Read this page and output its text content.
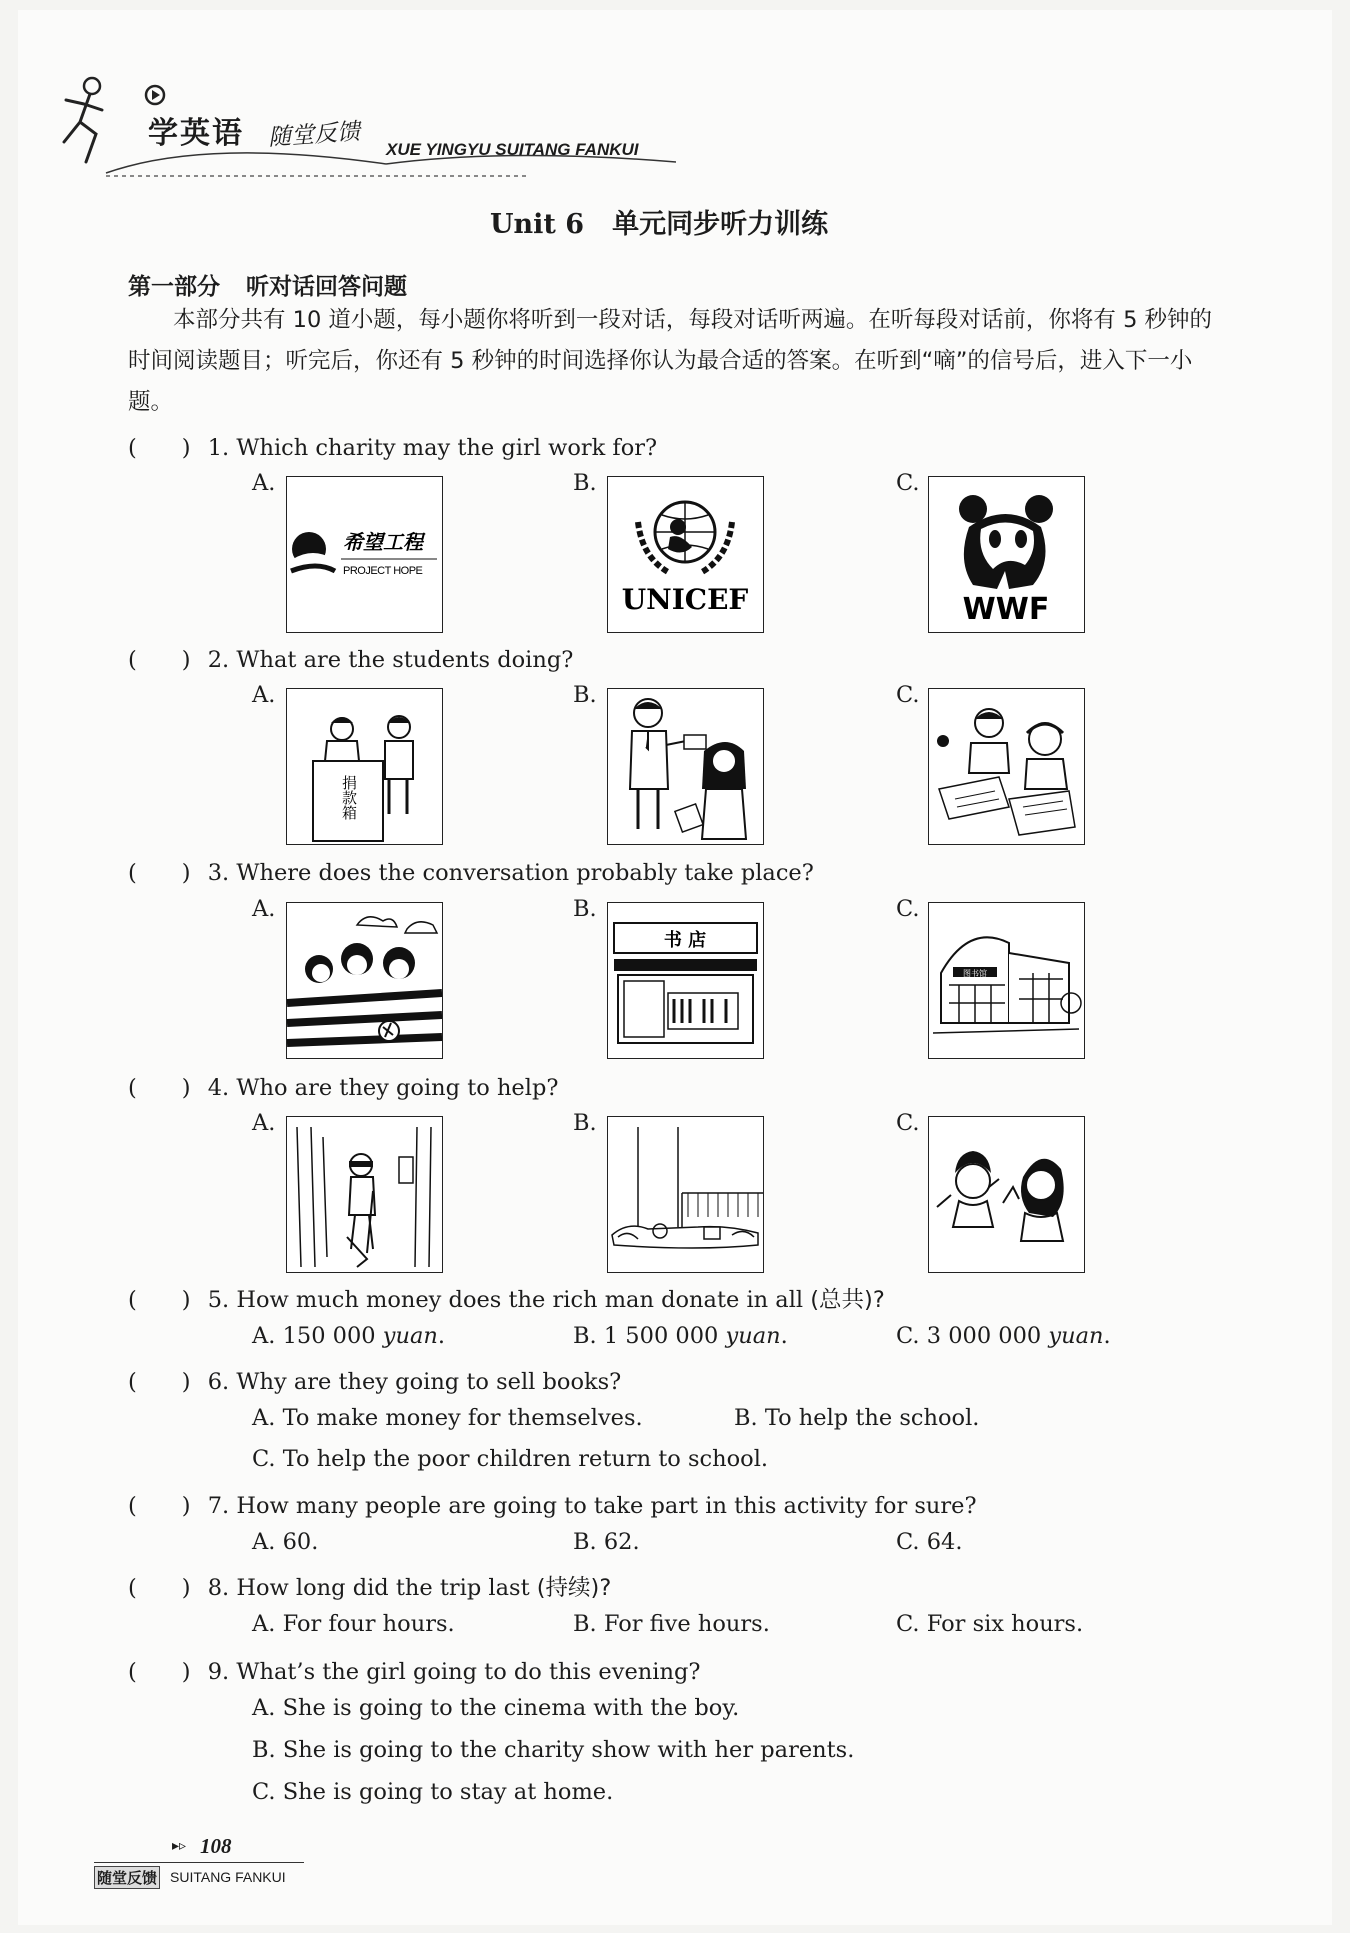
学英语 随堂反馈 XUE YINGYU SUITANG FANKUI
Unit 6 单元同步听力训练
第一部分 听对话回答问题
本部分共有 10 道小题，每小题你将听到一段对话，每段对话听两遍。在听每段对话前，你将有 5 秒钟的时间阅读题目；听完后，你还有 5 秒钟的时间选择你认为最合适的答案。在听到“嘀”的信号后，进入下一小题。
(　　) 1. Which charity may the girl work for?
A.	B.	C.
希望工程
PROJECT HOPE
UNICEF	WWF
(　　) 2. What are the students doing?
A.	B.	C.
捐款箱
(　　) 3. Where does the conversation probably take place?
A.	B.	C.
书 店
图书馆
(　　) 4. Who are they going to help?
A.	B.	C.
(　　) 5. How much money does the rich man donate in all (总共)?
A. 150 000 yuan.	B. 1 500 000 yuan.	C. 3 000 000 yuan.
(　　) 6. Why are they going to sell books?
A. To make money for themselves.	B. To help the school.
C. To help the poor children return to school.
(　　) 7. How many people are going to take part in this activity for sure?
A. 60.	B. 62.	C. 64.
(　　) 8. How long did the trip last (持续)?
A. For four hours.	B. For five hours.	C. For six hours.
(　　) 9. What’s the girl going to do this evening?
A. She is going to the cinema with the boy.
B. She is going to the charity show with her parents.
C. She is going to stay at home.
▸▹ 108
随堂反馈 SUITANG FANKUI
